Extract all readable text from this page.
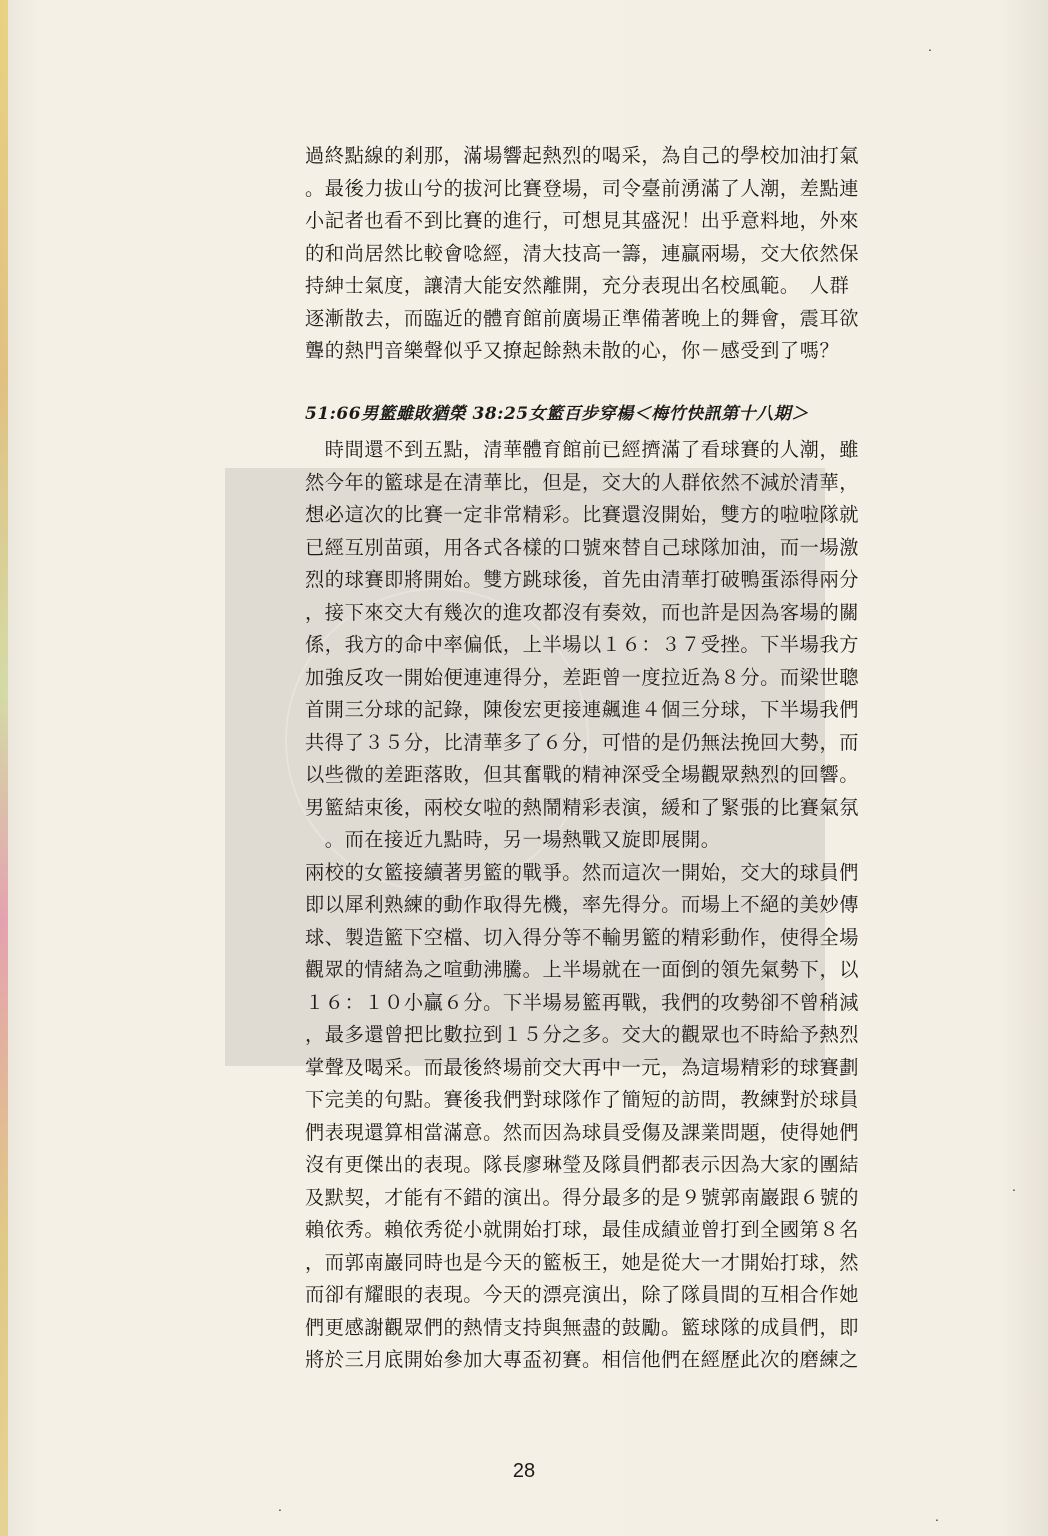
過終點線的剎那，滿場響起熱烈的喝采，為自己的學校加油打氣
。最後力拔山兮的拔河比賽登場，司令臺前湧滿了人潮，差點連
小記者也看不到比賽的進行，可想見其盛況！出乎意料地，外來
的和尚居然比較會唸經，清大技高一籌，連贏兩場，交大依然保
持紳士氣度，讓清大能安然離開，充分表現出名校風範。　人群
逐漸散去，而臨近的體育館前廣場正準備著晚上的舞會，震耳欲
聾的熱門音樂聲似乎又撩起餘熱未散的心，你－感受到了嗎？
51:66男籃雖敗猶榮 38:25女籃百步穿楊＜梅竹快訊第十八期＞
　時間還不到五點，清華體育館前已經擠滿了看球賽的人潮，雖
然今年的籃球是在清華比，但是，交大的人群依然不減於清華，
想必這次的比賽一定非常精彩。比賽還沒開始，雙方的啦啦隊就
已經互別苗頭，用各式各樣的口號來替自己球隊加油，而一場激
烈的球賽即將開始。雙方跳球後，首先由清華打破鴨蛋添得兩分
，接下來交大有幾次的進攻都沒有奏效，而也許是因為客場的關
係，我方的命中率偏低，上半場以１６：３７受挫。下半場我方
加強反攻一開始便連連得分，差距曾一度拉近為８分。而梁世聰
首開三分球的記錄，陳俊宏更接連飆進４個三分球，下半場我們
共得了３５分，比清華多了６分，可惜的是仍無法挽回大勢，而
以些微的差距落敗，但其奮戰的精神深受全場觀眾熱烈的回響。
男籃結束後，兩校女啦的熱鬧精彩表演，緩和了緊張的比賽氣氛
　。而在接近九點時，另一場熱戰又旋即展開。
兩校的女籃接續著男籃的戰爭。然而這次一開始，交大的球員們
即以犀利熟練的動作取得先機，率先得分。而場上不絕的美妙傳
球、製造籃下空檔、切入得分等不輸男籃的精彩動作，使得全場
觀眾的情緒為之喧動沸騰。上半場就在一面倒的領先氣勢下，以
１６：１０小贏６分。下半場易籃再戰，我們的攻勢卻不曾稍減
，最多還曾把比數拉到１５分之多。交大的觀眾也不時給予熱烈
掌聲及喝采。而最後終場前交大再中一元，為這場精彩的球賽劃
下完美的句點。賽後我們對球隊作了簡短的訪問，教練對於球員
們表現還算相當滿意。然而因為球員受傷及課業問題，使得她們
沒有更傑出的表現。隊長廖琳瑩及隊員們都表示因為大家的團結
及默契，才能有不錯的演出。得分最多的是９號郭南巖跟６號的
賴依秀。賴依秀從小就開始打球，最佳成績並曾打到全國第８名
，而郭南巖同時也是今天的籃板王，她是從大一才開始打球，然
而卻有耀眼的表現。今天的漂亮演出，除了隊員間的互相合作她
們更感謝觀眾們的熱情支持與無盡的鼓勵。籃球隊的成員們，即
將於三月底開始參加大專盃初賽。相信他們在經歷此次的磨練之
28
.
.
.
.
